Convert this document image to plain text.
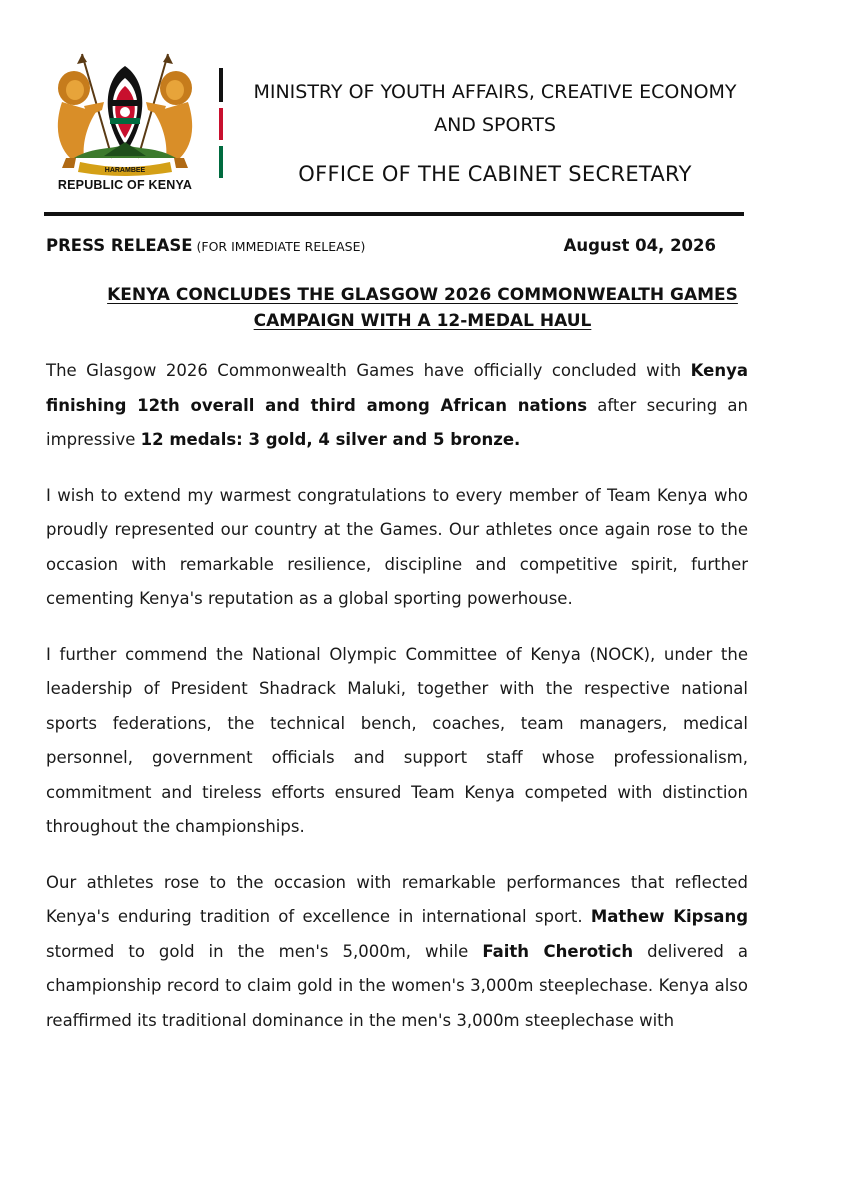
HARAMBEE
REPUBLIC OF KENYA
MINISTRY OF YOUTH AFFAIRS, CREATIVE ECONOMY
AND SPORTS
OFFICE OF THE CABINET SECRETARY
PRESS RELEASE (FOR IMMEDIATE RELEASE)	August 04, 2026
KENYA CONCLUDES THE GLASGOW 2026 COMMONWEALTH GAMES
CAMPAIGN WITH A 12-MEDAL HAUL

The Glasgow 2026 Commonwealth Games have officially concluded with Kenya finishing 12th overall and third among African nations after securing an impressive 12 medals: 3 gold, 4 silver and 5 bronze.

I wish to extend my warmest congratulations to every member of Team Kenya who proudly represented our country at the Games. Our athletes once again rose to the occasion with remarkable resilience, discipline and competitive spirit, further cementing Kenya's reputation as a global sporting powerhouse.

I further commend the National Olympic Committee of Kenya (NOCK), under the leadership of President Shadrack Maluki, together with the respective national sports federations, the technical bench, coaches, team managers, medical personnel, government officials and support staff whose professionalism, commitment and tireless efforts ensured Team Kenya competed with distinction throughout the championships.

Our athletes rose to the occasion with remarkable performances that reflected Kenya's enduring tradition of excellence in international sport. Mathew Kipsang stormed to gold in the men's 5,000m, while Faith Cherotich delivered a championship record to claim gold in the women's 3,000m steeplechase. Kenya also reaffirmed its traditional dominance in the men's 3,000m steeplechase with
